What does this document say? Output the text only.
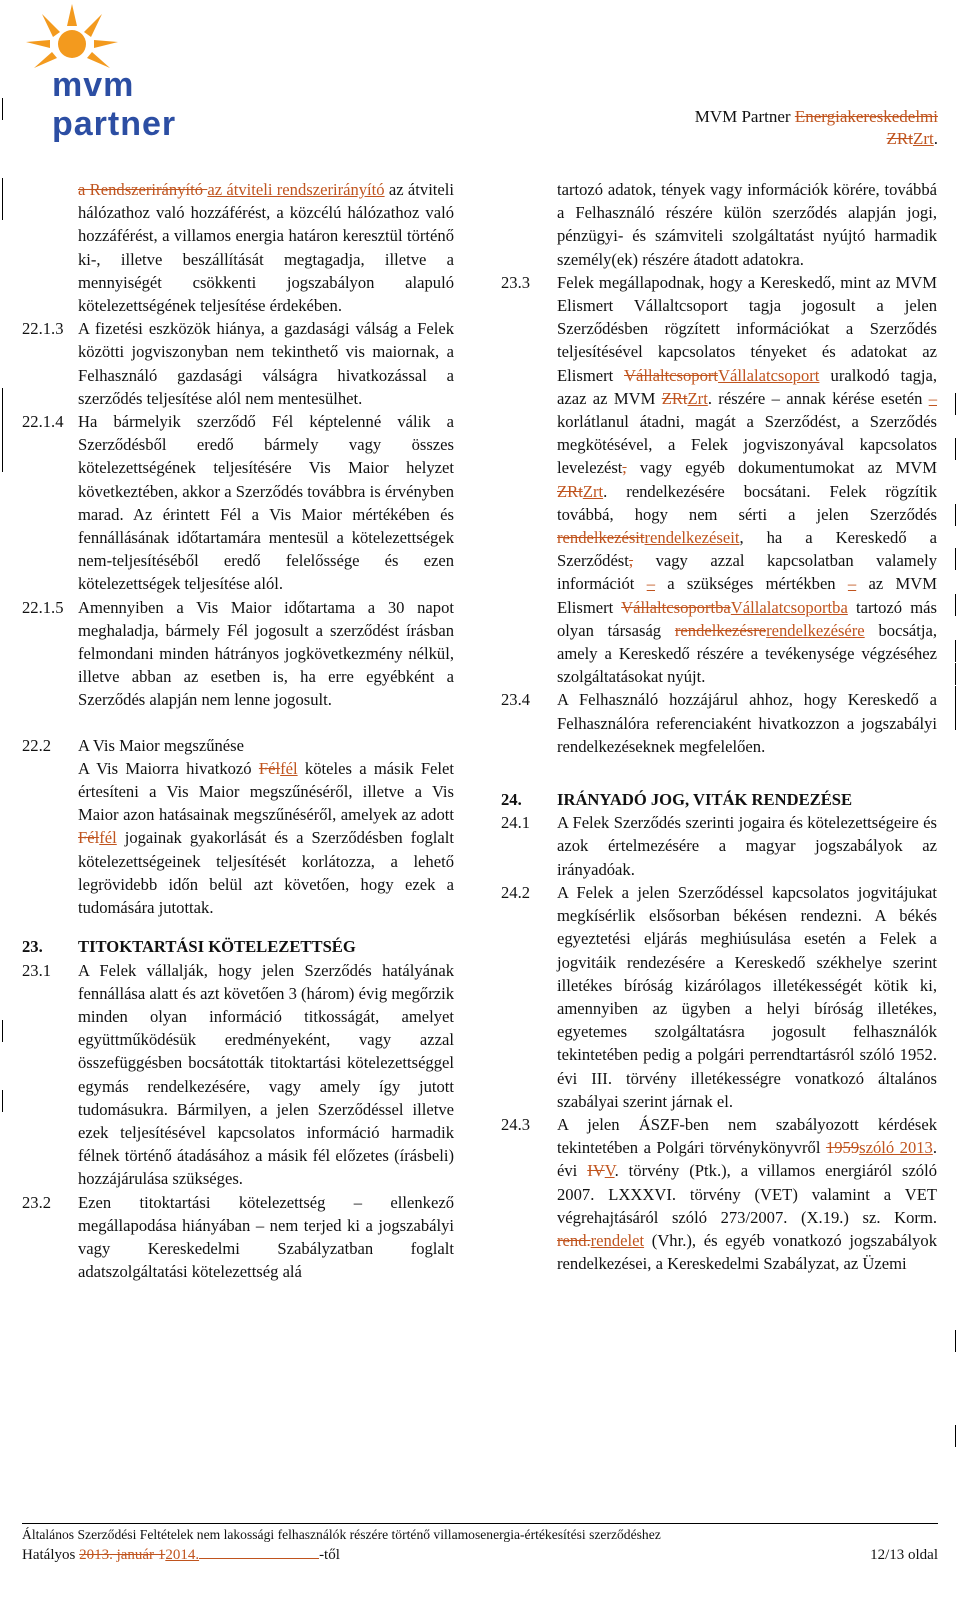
mvm partner	MVM Partner Energiakereskedelmi
ZRtZrt.
a Rendszerirányító az átviteli rendszerirányító az átviteli hálózathoz való hozzáférést, a közcélú hálózathoz való hozzáférést, a villamos energia határon keresztül történő ki-, illetve beszállítását megtagadja, illetve a mennyiségét csökkenti jogszabályon alapuló kötelezettségének teljesítése érdekében.
22.1.3 A fizetési eszközök hiánya, a gazdasági válság a Felek közötti jogviszonyban nem tekinthető vis maiornak, a Felhasználó gazdasági válságra hivatkozással a szerződés teljesítése alól nem mentesülhet.
22.1.4 Ha bármelyik szerződő Fél képtelenné válik a Szerződésből eredő bármely vagy összes kötelezettségének teljesítésére Vis Maior helyzet következtében, akkor a Szerződés továbbra is érvényben marad. Az érintett Fél a Vis Maior mértékében és fennállásának időtartamára mentesül a kötelezettségek nem-teljesítéséből eredő felelőssége és ezen kötelezettségek teljesítése alól.
22.1.5 Amennyiben a Vis Maior időtartama a 30 napot meghaladja, bármely Fél jogosult a szerződést írásban felmondani minden hátrányos jogkövetkezmény nélkül, illetve abban az esetben is, ha erre egyébként a Szerződés alapján nem lenne jogosult.
22.2	A Vis Maior megszűnése
A Vis Maiorra hivatkozó Félfél köteles a másik Felet értesíteni a Vis Maior megszűnéséről, illetve a Vis Maior azon hatásainak megszűnéséről, amelyek az adott Félfél jogainak gyakorlását és a Szerződésben foglalt kötelezettségeinek teljesítését korlátozza, a lehető legrövidebb időn belül azt követően, hogy ezek a tudomására jutottak.
23.	TITOKTARTÁSI KÖTELEZETTSÉG
23.1	A Felek vállalják, hogy jelen Szerződés hatályának fennállása alatt és azt követően 3 (három) évig megőrzik minden olyan információ titkosságát, amelyet együttműködésük eredményeként, vagy azzal összefüggésben bocsátották titoktartási kötelezettséggel egymás rendelkezésére, vagy amely így jutott tudomásukra. Bármilyen, a jelen Szerződéssel illetve ezek teljesítésével kapcsolatos információ harmadik félnek történő átadásához a másik fél előzetes (írásbeli) hozzájárulása szükséges.
23.2	Ezen titoktartási kötelezettség – ellenkező megállapodása hiányában – nem terjed ki a jogszabályi vagy Kereskedelmi Szabályzatban foglalt adatszolgáltatási kötelezettség alá
tartozó adatok, tények vagy információk körére, továbbá a Felhasználó részére külön szerződés alapján jogi, pénzügyi- és számviteli szolgáltatást nyújtó harmadik személy(ek) részére átadott adatokra.
23.3	Felek megállapodnak, hogy a Kereskedő, mint az MVM Elismert Vállaltcsoport tagja jogosult a jelen Szerződésben rögzített információkat a Szerződés teljesítésével kapcsolatos tényeket és adatokat az Elismert VállaltcsoportVállalatcsoport uralkodó tagja, azaz az MVM ZRtZrt. részére – annak kérése esetén – korlátlanul átadni, magát a Szerződést, a Szerződés megkötésével, a Felek jogviszonyával kapcsolatos levelezést, vagy egyéb dokumentumokat az MVM ZRtZrt. rendelkezésére bocsátani. Felek rögzítik továbbá, hogy nem sérti a jelen Szerződés rendelkezésitrendelkezéseit, ha a Kereskedő a Szerződést, vagy azzal kapcsolatban valamely információt – a szükséges mértékben – az MVM Elismert VállaltcsoportbaVállalatcsoportba tartozó más olyan társaság rendelkezésrerendelkezésére bocsátja, amely a Kereskedő részére a tevékenysége végzéséhez szolgáltatásokat nyújt.
23.4	A Felhasználó hozzájárul ahhoz, hogy Kereskedő a Felhasználóra referenciaként hivatkozzon a jogszabályi rendelkezéseknek megfelelően.
24.	IRÁNYADÓ JOG, VITÁK RENDEZÉSE
24.1	A Felek Szerződés szerinti jogaira és kötelezettségeire és azok értelmezésére a magyar jogszabályok az irányadóak.
24.2	A Felek a jelen Szerződéssel kapcsolatos jogvitájukat megkísérlik elsősorban békésen rendezni. A békés egyeztetési eljárás meghiúsulása esetén a Felek a jogvitáik rendezésére a Kereskedő székhelye szerint illetékes bíróság kizárólagos illetékességét kötik ki, amennyiben az ügyben a helyi bíróság illetékes, egyetemes szolgáltatásra jogosult felhasználók tekintetében pedig a polgári perrendtartásról szóló 1952. évi III. törvény illetékességre vonatkozó általános szabályai szerint járnak el.
24.3	A jelen ÁSZF-ben nem szabályozott kérdések tekintetében a Polgári törvénykönyvről 1959szóló 2013. évi IVV. törvény (Ptk.), a villamos energiáról szóló 2007. LXXXVI. törvény (VET) valamint a VET végrehajtásáról szóló 273/2007. (X.19.) sz. Korm. rend.rendelet (Vhr.), és egyéb vonatkozó jogszabályok rendelkezései, a Kereskedelmi Szabályzat, az Üzemi
Általános Szerződési Feltételek nem lakossági felhasználók részére történő villamosenergia-értékesítési szerződéshez
Hatályos 2013. január 12014.	-től	12/13 oldal
